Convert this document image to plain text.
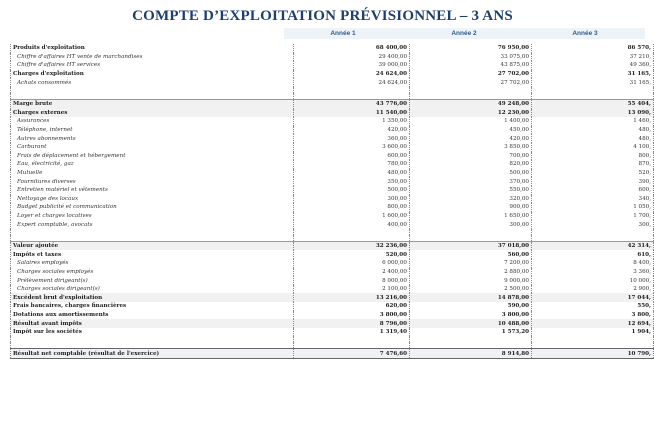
COMPTE D’EXPLOITATION PRÉVISIONNEL – 3 ANS
Année 1	Année 2	Année 3
Produits d'exploitation		68 400,00		76 950,00		86 570,
Chiffre d'affaires HT vente de marchandises		29 400,00		33 075,00		37 210,
Chiffre d'affaires HT services		39 000,00		43 875,00		49 360,
Charges d'exploitation		24 624,00		27 702,00		31 165,
Achats consommés		24 624,00		27 702,00		31 165,

Marge brute		43 776,00		49 248,00		55 404,
Charges externes		11 540,00		12 230,00		13 090,
Assurances		1 350,00		1 400,00		1 460,
Téléphone, internet		420,00		450,00		480,
Autres abonnements		360,00		420,00		480,
Carburant		3 600,00		3 850,00		4 100,
Frais de déplacement et hébergement		600,00		700,00		800,
Eau, électricité, gaz		780,00		820,00		870,
Mutuelle		480,00		500,00		520,
Fournitures diverses		350,00		370,00		390,
Entretien matériel et vêtements		500,00		550,00		600,
Nettoyage des locaux		300,00		320,00		340,
Budget publicité et communication		800,00		900,00		1 050,
Loyer et charges locatives		1 600,00		1 650,00		1 700,
Expert comptable, avocats		400,00		300,00		300,

Valeur ajoutée		32 236,00		37 018,00		42 314,
Impôts et taxes		520,00		560,00		610,
Salaires employés		6 000,00		7 200,00		8 400,
Charges sociales employés		2 400,00		2 880,00		3 360,
Prélèvement dirigeant(s)		8 000,00		9 000,00		10 000,
Charges sociales dirigeant(s)		2 100,00		2 500,00		2 900,
Excédent brut d'exploitation		13 216,00		14 878,00		17 044,
Frais bancaires, charges financières		620,00		590,00		550,
Dotations aux amortissements		3 800,00		3 800,00		3 800,
Résultat avant impôts		8 796,00		10 488,00		12 694,
Impôt sur les sociétés		1 319,40		1 573,20		1 904,

Résultat net comptable (résultat de l'exercice)		7 476,60		8 914,80		10 790,
